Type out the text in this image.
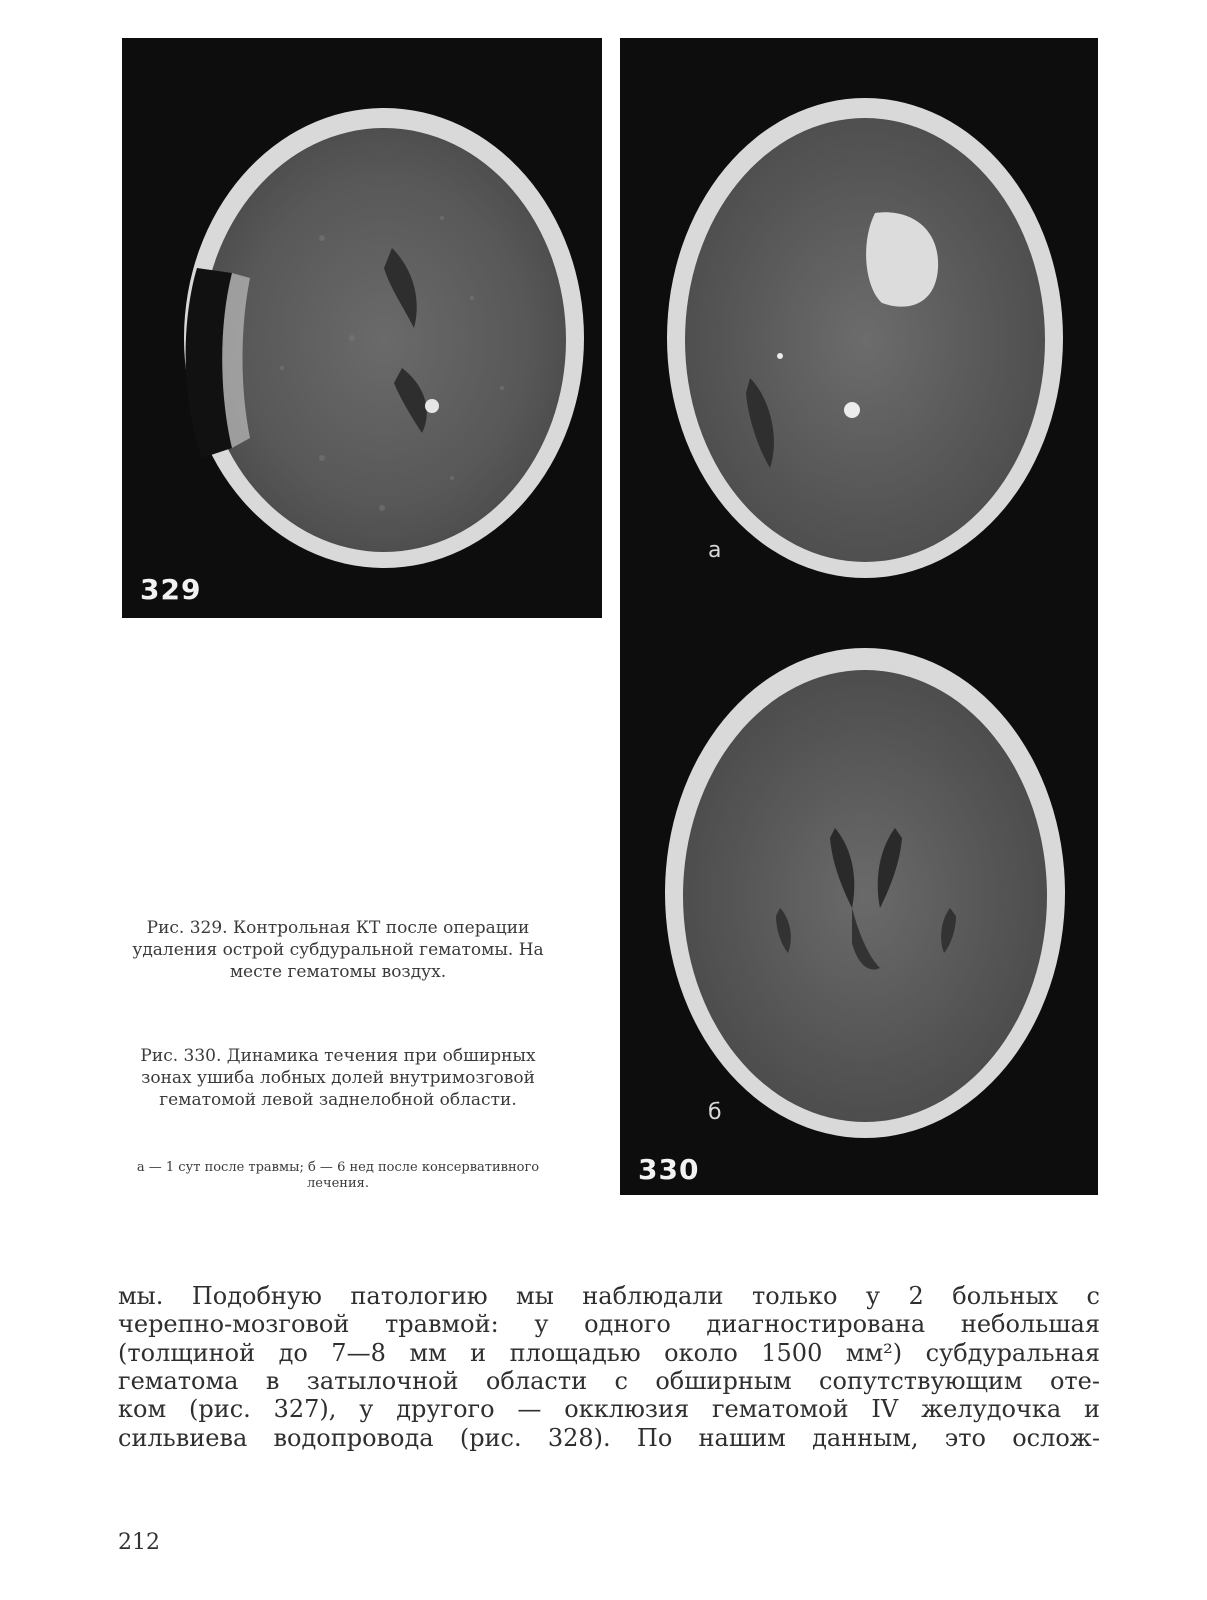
329
а
б
330
Рис. 329. Контрольная КТ после операции удаления острой субдуральной гематомы. На месте гематомы воздух.
Рис. 330. Динамика течения при обширных зонах ушиба лобных долей внутримозговой гематомой левой заднелобной области.
а — 1 сут после травмы; б — 6 нед после консервативного лечения.
мы. Подобную патологию мы наблюдали только у 2 больных с
черепно-мозговой травмой: у одного диагностирована небольшая
(толщиной до 7—8 мм и площадью около 1500 мм²) субдуральная
гематома в затылочной области с обширным сопутствующим оте-
ком (рис. 327), у другого — окклюзия гематомой IV желудочка и
сильвиева водопровода (рис. 328). По нашим данным, это ослож-
212
